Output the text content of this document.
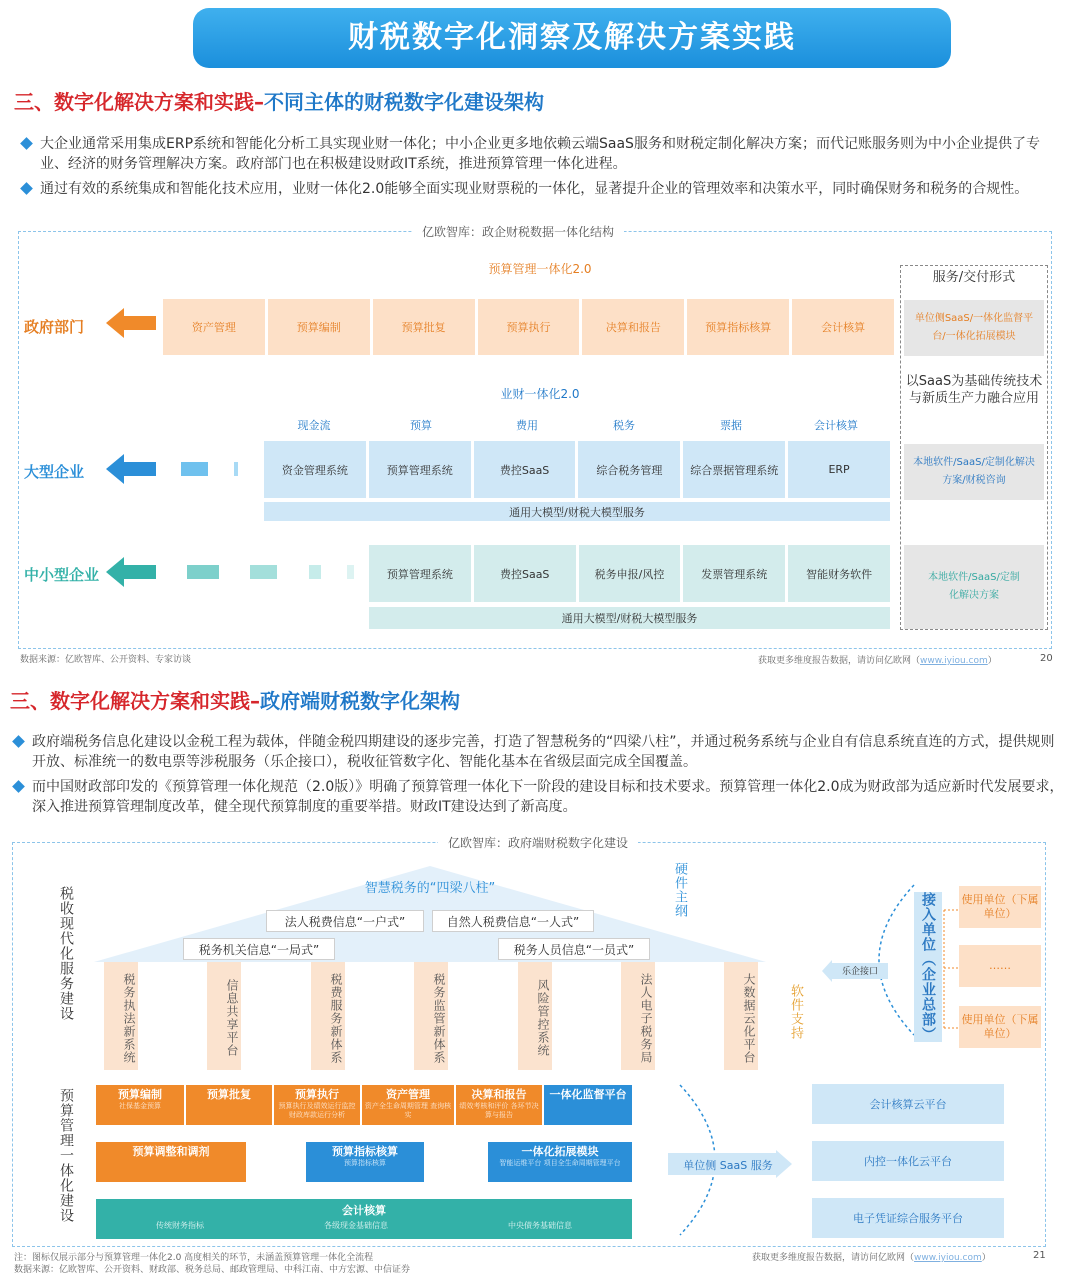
财税数字化洞察及解决方案实践
三、数字化解决方案和实践–不同主体的财税数字化建设架构
大企业通常采用集成ERP系统和智能化分析工具实现业财一体化；中小企业更多地依赖云端SaaS服务和财税定制化解决方案；而代记账服务则为中小企业提供了专业、经济的财务管理解决方案。政府部门也在积极建设财政IT系统，推进预算管理一体化进程。
通过有效的系统集成和智能化技术应用，业财一体化2.0能够全面实现业财票税的一体化，显著提升企业的管理效率和决策水平，同时确保财务和税务的合规性。
亿欧智库：政企财税数据一体化结构
预算管理一体化2.0
政府部门	资产管理	预算编制	预算批复	预算执行	决算和报告	预算指标核算	会计核算
业财一体化2.0
现金流	预算	费用	税务	票据	会计核算
大型企业	资金管理系统	预算管理系统	费控SaaS	综合税务管理	综合票据管理系统	ERP
通用大模型/财税大模型服务
中小型企业	预算管理系统	费控SaaS	税务申报/风控	发票管理系统	智能财务软件
通用大模型/财税大模型服务
服务/交付形式
单位侧SaaS/一体化监督平台/一体化拓展模块
以SaaS为基础传统技术与新质生产力融合应用
本地软件/SaaS/定制化解决方案/财税咨询
本地软件/SaaS/定制化解决方案
数据来源：亿欧智库、公开资料、专家访谈	获取更多维度报告数据，请访问亿欧网（www.iyiou.com）	20
三、数字化解决方案和实践–政府端财税数字化架构
政府端税务信息化建设以金税工程为载体，伴随金税四期建设的逐步完善，打造了智慧税务的“四梁八柱”，并通过税务系统与企业自有信息系统直连的方式，提供规则开放、标准统一的数电票等涉税服务（乐企接口），税收征管数字化、智能化基本在省级层面完成全国覆盖。
而中国财政部印发的《预算管理一体化规范（2.0版）》明确了预算管理一体化下一阶段的建设目标和技术要求。预算管理一体化2.0成为财政部为适应新时代发展要求，深入推进预算管理制度改革，健全现代预算制度的重要举措。财政IT建设达到了新高度。
亿欧智库：政府端财税数字化建设
税收现代化服务建设
预算管理一体化建设
智慧税务的“四梁八柱”
法人税费信息“一户式”	自然人税费信息“一人式”
税务机关信息“一局式”	税务人员信息“一员式”
硬件主纲
税务执法新系统	信息共享平台	税费服务新体系	税务监管新体系	风险管控系统	法人电子税务局	大数据云化平台 软件支持
预算编制
社保基金预算
预算批复	预算执行
预算执行及绩效运行监控 财政库款运行分析
资产管理
资产全生命周期管理 查询核实
决算和报告
绩效考核和评价 各环节决算与报告
一体化监督平台
预算调整和调剂	预算指标核算
预算指标核算
一体化拓展模块
智能运维平台 项目全生命周期管理平台
会计核算
传统财务指标	各级现金基础信息	中央债务基础信息
单位侧 SaaS 服务
会计核算云平台
内控一体化云平台
电子凭证综合服务平台
乐企接口	接入单位（企业总部）	使用单位（下属单位）
……
使用单位（下属单位）
注：图标仅展示部分与预算管理一体化2.0 高度相关的环节，未涵盖预算管理一体化全流程
数据来源：亿欧智库、公开资料、财政部、税务总局、邮政管理局、中科江南、中方宏源、中信证券
获取更多维度报告数据，请访问亿欧网（www.iyiou.com）	21
